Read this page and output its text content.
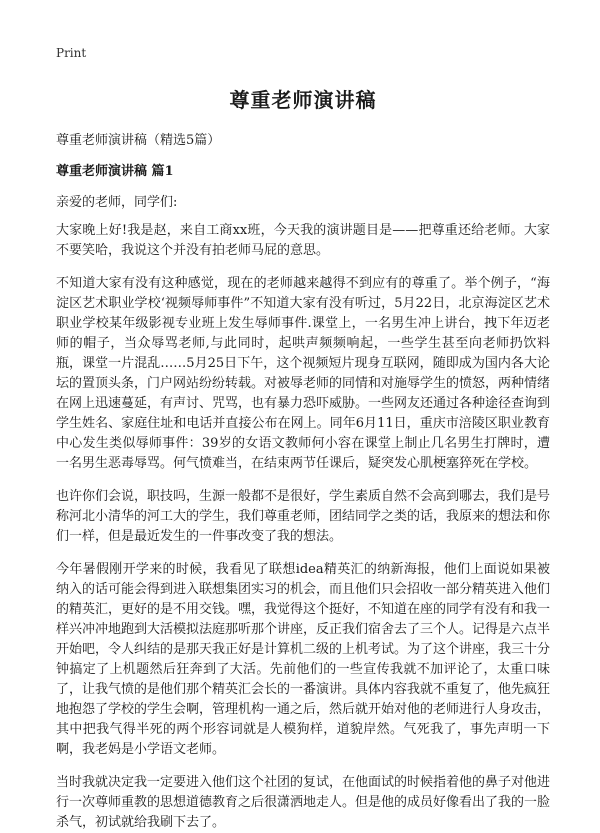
Print
尊重老师演讲稿
尊重老师演讲稿（精选5篇）
尊重老师演讲稿 篇1

亲爱的老师，同学们:

大家晚上好!我是赵，来自工商xx班，今天我的演讲题目是——把尊重还给老师。大家不要笑哈，我说这个并没有拍老师马屁的意思。

不知道大家有没有这种感觉，现在的老师越来越得不到应有的尊重了。举个例子，“海淀区艺术职业学校‘视频辱师事件”不知道大家有没有听过，5月22日，北京海淀区艺术职业学校某年级影视专业班上发生辱师事件.课堂上，一名男生冲上讲台，拽下年迈老师的帽子，当众辱骂老师,与此同时，起哄声频频响起，一些学生甚至向老师扔饮料瓶，课堂一片混乱……5月25日下午，这个视频短片现身互联网，随即成为国内各大论坛的置顶头条，门户网站纷纷转载。对被辱老师的同情和对施辱学生的愤怒，两种情绪在网上迅速蔓延，有声讨、咒骂，也有暴力恐吓威胁。一些网友还通过各种途径查询到学生姓名、家庭住址和电话并直接公布在网上。同年6月11日，重庆市涪陵区职业教育中心发生类似辱师事件：39岁的女语文教师何小容在课堂上制止几名男生打牌时，遭一名男生恶毒辱骂。何气愤难当，在结束两节任课后，疑突发心肌梗塞猝死在学校。

也许你们会说，职技吗，生源一般都不是很好，学生素质自然不会高到哪去，我们是号称河北小清华的河工大的学生，我们尊重老师，团结同学之类的话，我原来的想法和你们一样，但是最近发生的一件事改变了我的想法。

今年暑假刚开学来的时候，我看见了联想idea精英汇的纳新海报，他们上面说如果被纳入的话可能会得到进入联想集团实习的机会，而且他们只会招收一部分精英进入他们的精英汇，更好的是不用交钱。嘿，我觉得这个挺好，不知道在座的同学有没有和我一样兴冲冲地跑到大活模拟法庭那听那个讲座，反正我们宿舍去了三个人。记得是六点半开始吧，令人纠结的是那天我正好是计算机二级的上机考试。为了这个讲座，我三十分钟搞定了上机题然后狂奔到了大活。先前他们的一些宣传我就不加评论了，太重口味了，让我气愤的是他们那个精英汇会长的一番演讲。具体内容我就不重复了，他先疯狂地抱怨了学校的学生会啊，管理机构一通之后，然后就开始对他的老师进行人身攻击，其中把我气得半死的两个形容词就是人模狗样，道貌岸然。气死我了，事先声明一下啊，我老妈是小学语文老师。

当时我就决定我一定要进入他们这个社团的复试，在他面试的时候指着他的鼻子对他进行一次尊师重教的思想道德教育之后很潇洒地走人。但是他的成员好像看出了我的一脸杀气，初试就给我刷下去了。
